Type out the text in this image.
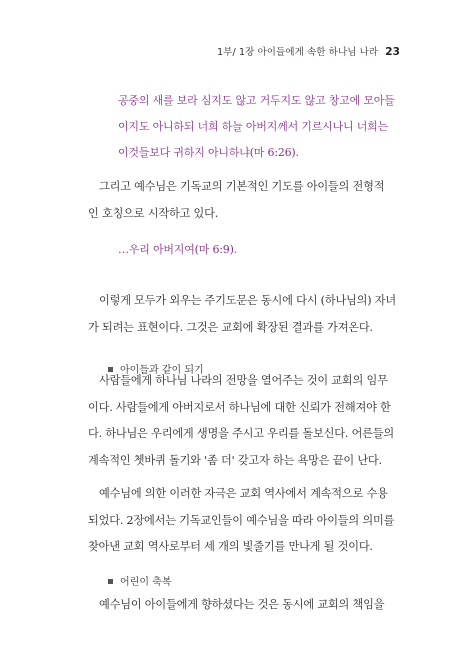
1부/ 1장 아이들에게 속한 하나님 나라 23
공중의 새를 보라 심지도 않고 거두지도 않고 창고에 모아들
이지도 아니하되 너희 하늘 아버지께서 기르시나니 너희는
이것들보다 귀하지 아니하냐(마 6:26).
그리고 예수님은 기독교의 기본적인 기도를 아이들의 전형적
인 호칭으로 시작하고 있다.
…우리 아버지여(마 6:9).
이렇게 모두가 외우는 주기도문은 동시에 다시 (하나님의) 자녀
가 되려는 표현이다. 그것은 교회에 확장된 결과를 가져온다.
아이들과 같이 되기
사람들에게 하나님 나라의 전망을 열어주는 것이 교회의 임무
이다. 사람들에게 아버지로서 하나님에 대한 신뢰가 전해져야 한
다. 하나님은 우리에게 생명을 주시고 우리를 돌보신다. 어른들의
계속적인 쳇바퀴 돌기와 '좀 더' 갖고자 하는 욕망은 끝이 난다.
예수님에 의한 이러한 자극은 교회 역사에서 계속적으로 수용
되었다. 2장에서는 기독교인들이 예수님을 따라 아이들의 의미를
찾아낸 교회 역사로부터 세 개의 빛줄기를 만나게 될 것이다.
어린이 축복
예수님이 아이들에게 향하셨다는 것은 동시에 교회의 책임을
